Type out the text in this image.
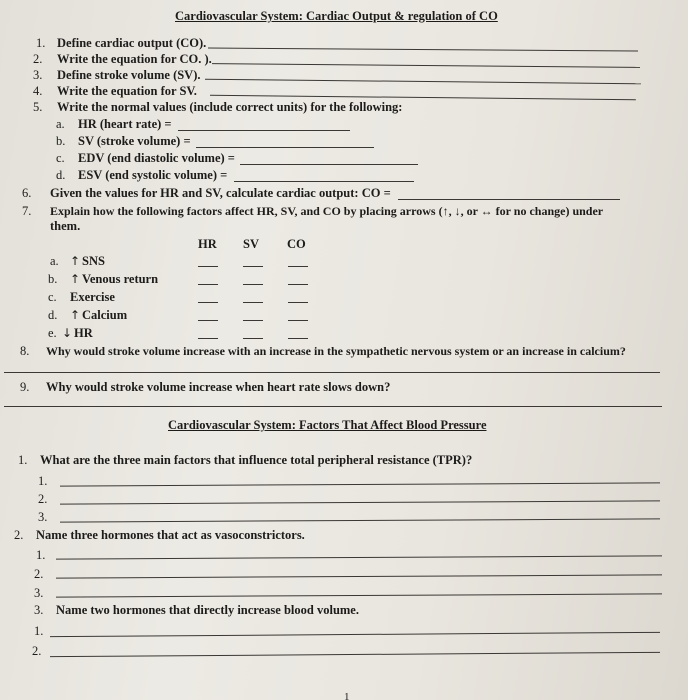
Cardiovascular System: Cardiac Output & regulation of CO
1. Define cardiac output (CO).
2. Write the equation for CO. ).
3. Define stroke volume (SV).
4. Write the equation for SV.
5. Write the normal values (include correct units) for the following:
a. HR (heart rate) =
b. SV (stroke volume) =
c. EDV (end diastolic volume) =
d. ESV (end systolic volume) =
6. Given the values for HR and SV, calculate cardiac output: CO =
7. Explain how the following factors affect HR, SV, and CO by placing arrows (↑, ↓, or ↔ for no change) under
them.
HR SV CO
a. ↑ SNS
b. ↑ Venous return
c. Exercise
d. ↑ Calcium
e. ↓ HR
8. Why would stroke volume increase with an increase in the sympathetic nervous system or an increase in calcium?
9. Why would stroke volume increase when heart rate slows down?
Cardiovascular System: Factors That Affect Blood Pressure
1. What are the three main factors that influence total peripheral resistance (TPR)?
1.
2.
3.
2. Name three hormones that act as vasoconstrictors.
1.
2.
3.
3. Name two hormones that directly increase blood volume.
1.
2.
1
